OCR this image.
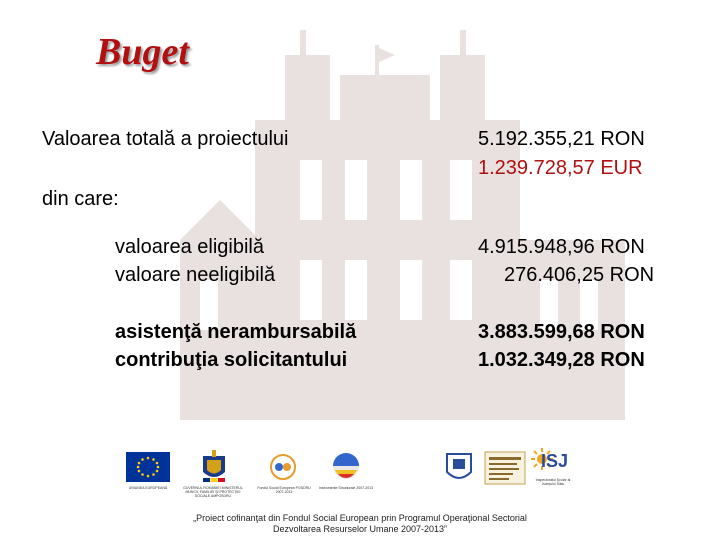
Buget
Valoarea totală a proiectului	5.192.355,21 RON
1.239.728,57 EUR
din care:
valoarea eligibilă	4.915.948,96 RON
valoare neeligibilă	276.406,25 RON
asistenţă nerambursabilă	3.883.599,68 RON
contribuţia solicitantului	1.032.349,28 RON
UNIUNEA EUROPEANĂ	GUVERNUL ROMÂNIEI MINISTERUL MUNCII, FAMILIEI ŞI PROTECŢIEI SOCIALE AMPOSDRU
Fondul Social European POSDRU 2007-2013
Instrumente Structurale 2007-2013
ISJ
Inspectoratul Şcolar al Judeţului Sibiu
„Proiect cofinanţat din Fondul Social European prin Programul Operaţional Sectorial
Dezvoltarea Resurselor Umane 2007-2013”
